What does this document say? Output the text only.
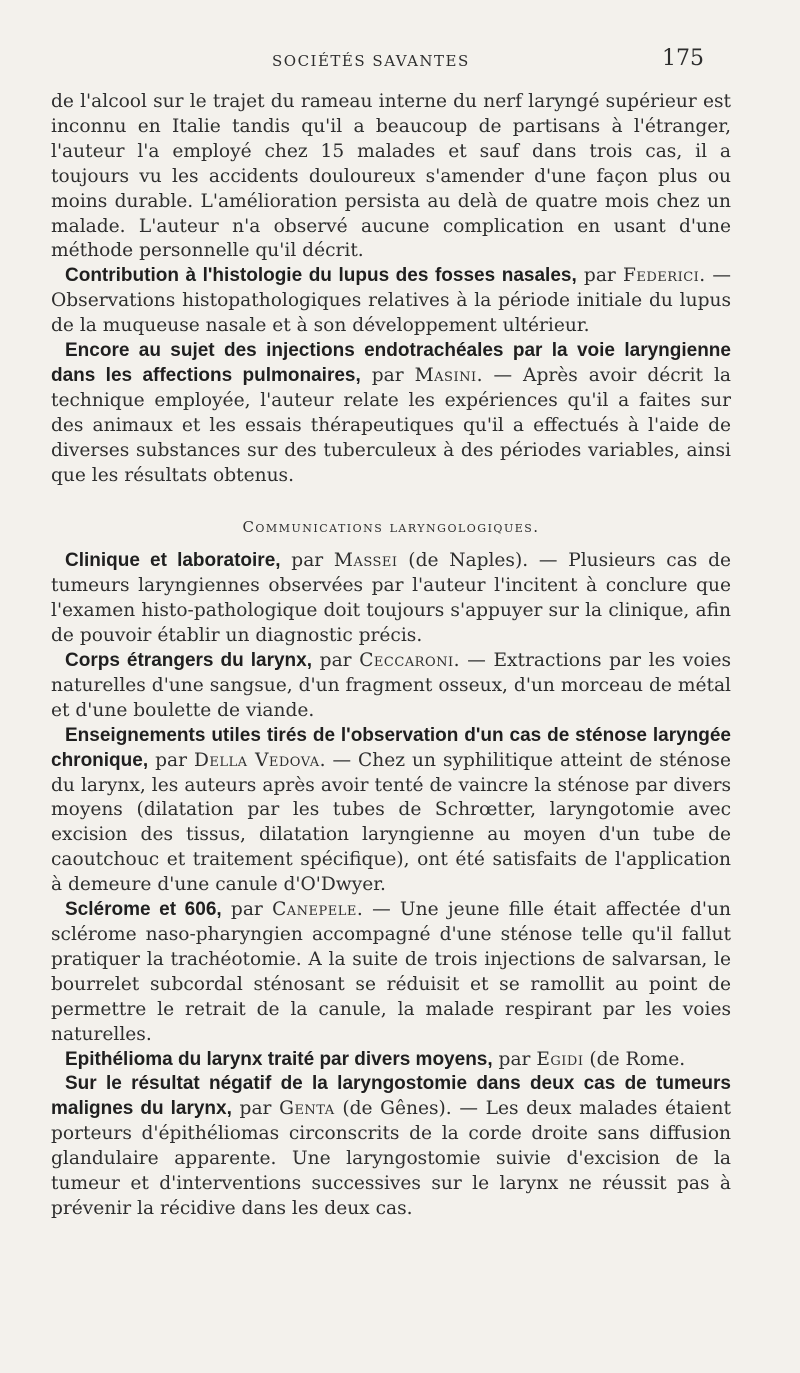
SOCIÉTÉS SAVANTES	175

de l'alcool sur le trajet du rameau interne du nerf laryngé supérieur est inconnu en Italie tandis qu'il a beaucoup de partisans à l'étranger, l'auteur l'a employé chez 15 malades et sauf dans trois cas, il a toujours vu les accidents douloureux s'amender d'une façon plus ou moins durable. L'amélioration persista au delà de quatre mois chez un malade. L'auteur n'a observé aucune complication en usant d'une méthode personnelle qu'il décrit.

Contribution à l'histologie du lupus des fosses nasales, par Federici. — Observations histopathologiques relatives à la période initiale du lupus de la muqueuse nasale et à son développement ultérieur.

Encore au sujet des injections endotrachéales par la voie laryngienne dans les affections pulmonaires, par Masini. — Après avoir décrit la technique employée, l'auteur relate les expériences qu'il a faites sur des animaux et les essais thérapeutiques qu'il a effectués à l'aide de diverses substances sur des tuberculeux à des périodes variables, ainsi que les résultats obtenus.

Communications laryngologiques.

Clinique et laboratoire, par Massei (de Naples). — Plusieurs cas de tumeurs laryngiennes observées par l'auteur l'incitent à conclure que l'examen histo-pathologique doit toujours s'appuyer sur la clinique, afin de pouvoir établir un diagnostic précis.

Corps étrangers du larynx, par Ceccaroni. — Extractions par les voies naturelles d'une sangsue, d'un fragment osseux, d'un morceau de métal et d'une boulette de viande.

Enseignements utiles tirés de l'observation d'un cas de sténose laryngée chronique, par Della Vedova. — Chez un syphilitique atteint de sténose du larynx, les auteurs après avoir tenté de vaincre la sténose par divers moyens (dilatation par les tubes de Schrœtter, laryngotomie avec excision des tissus, dilatation laryngienne au moyen d'un tube de caoutchouc et traitement spécifique), ont été satisfaits de l'application à demeure d'une canule d'O'Dwyer.

Sclérome et 606, par Canepele. — Une jeune fille était affectée d'un sclérome naso-pharyngien accompagné d'une sténose telle qu'il fallut pratiquer la trachéotomie. A la suite de trois injections de salvarsan, le bourrelet subcordal sténosant se réduisit et se ramollit au point de permettre le retrait de la canule, la malade respirant par les voies naturelles.

Epithélioma du larynx traité par divers moyens, par Egidi (de Rome.

Sur le résultat négatif de la laryngostomie dans deux cas de tumeurs malignes du larynx, par Genta (de Gênes). — Les deux malades étaient porteurs d'épithéliomas circonscrits de la corde droite sans diffusion glandulaire apparente. Une laryngostomie suivie d'excision de la tumeur et d'interventions successives sur le larynx ne réussit pas à prévenir la récidive dans les deux cas.
